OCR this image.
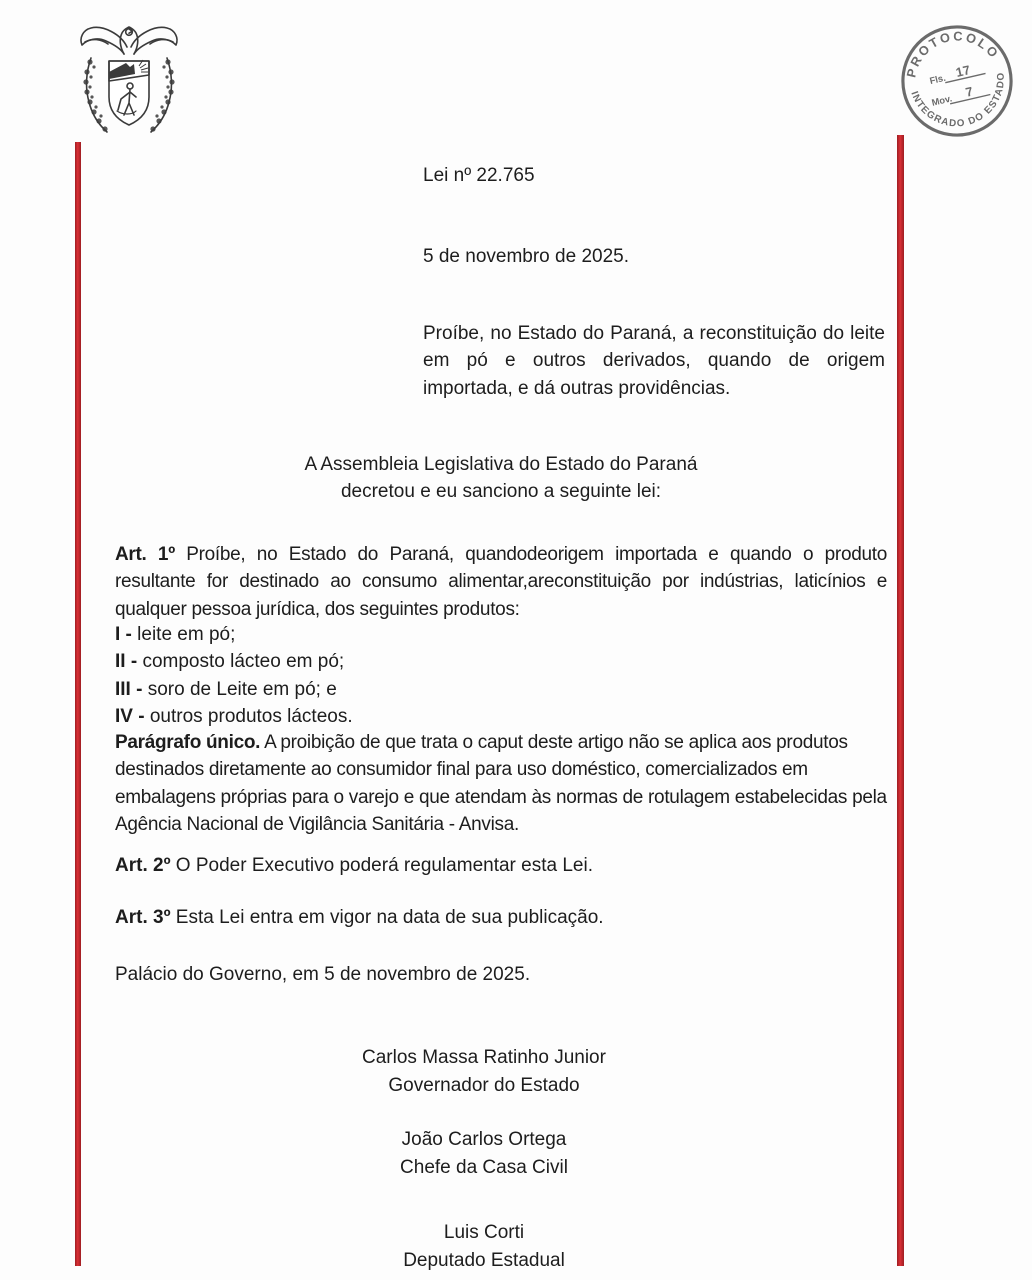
PROTOCOLO
INTEGRADO DO ESTADO
Fls. 17
Mov.
7

Lei nº 22.765

5 de novembro de 2025.

Proíbe, no Estado do Paraná, a reconstituição do leite em pó e outros derivados, quando de origem importada, e dá outras providências.

A Assembleia Legislativa do Estado do Paraná
decretou e eu sanciono a seguinte lei:

Art. 1º Proíbe, no Estado do Paraná, quandodeorigem importada e quando o produto resultante for destinado ao consumo alimentar,areconstituição por indústrias, laticínios e qualquer pessoa jurídica, dos seguintes produtos:

I - leite em pó;

II - composto lácteo em pó;

III - soro de Leite em pó; e

IV - outros produtos lácteos.

Parágrafo único. A proibição de que trata o caput deste artigo não se aplica aos produtos destinados diretamente ao consumidor final para uso doméstico, comercializados em embalagens próprias para o varejo e que atendam às normas de rotulagem estabelecidas pela Agência Nacional de Vigilância Sanitária - Anvisa.

Art. 2º O Poder Executivo poderá regulamentar esta Lei.

Art. 3º Esta Lei entra em vigor na data de sua publicação.

Palácio do Governo, em 5 de novembro de 2025.

Carlos Massa Ratinho Junior

Governador do Estado

João Carlos Ortega

Chefe da Casa Civil

Luis Corti

Deputado Estadual
